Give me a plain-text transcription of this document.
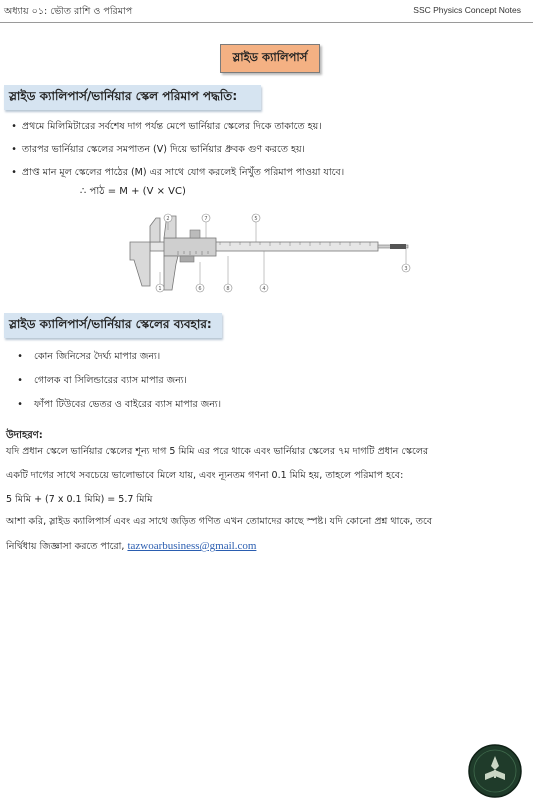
অধ্যায় ০১: ভৌত রাশি ও পরিমাপ	SSC Physics Concept Notes
স্লাইড ক্যালিপার্স
স্লাইড ক্যালিপার্স/ভার্নিয়ার স্কেল পরিমাপ পদ্ধতি:
• প্রথমে মিলিমিটারের সর্বশেষ দাগ পর্যন্ত মেপে ভার্নিয়ার স্কেলের দিকে তাকাতে হয়।
• তারপর ভার্নিয়ার স্কেলের সমপাতন (V) দিয়ে ভার্নিয়ার ধ্রুবক গুণ করতে হয়।
• প্রাপ্ত মান মূল স্কেলের পাঠের (M) এর সাথে যোগ করলেই নিখুঁত পরিমাপ পাওয়া যাবে।
∴ পাঠ = M + (V × VC)
7	5
3
2
1	6	4
8
স্লাইড ক্যালিপার্স/ভার্নিয়ার স্কেলের ব্যবহার:
• কোন জিনিসের দৈর্ঘ্য মাপার জন্য।
• গোলক বা সিলিন্ডারের ব্যাস মাপার জন্য।
• ফাঁপা টিউবের ভেতর ও বাইরের ব্যাস মাপার জন্য।
উদাহরণ:
যদি প্রধান স্কেলে ভার্নিয়ার স্কেলের শূন্য দাগ 5 মিমি এর পরে থাকে এবং ভার্নিয়ার স্কেলের ৭ম দাগটি প্রধান স্কেলের
একটি দাগের সাথে সবচেয়ে ভালোভাবে মিলে যায়, এবং ন্যূনতম গণনা 0.1 মিমি হয়, তাহলে পরিমাপ হবে:
5 মিমি + (7 x 0.1 মিমি) = 5.7 মিমি
আশা করি, স্লাইড ক্যালিপার্স এবং এর সাথে জড়িত গণিত এখন তোমাদের কাছে স্পষ্ট। যদি কোনো প্রশ্ন থাকে, তবে
নির্দ্বিধায় জিজ্ঞাসা করতে পারো, tazwoarbusiness@gmail.com
